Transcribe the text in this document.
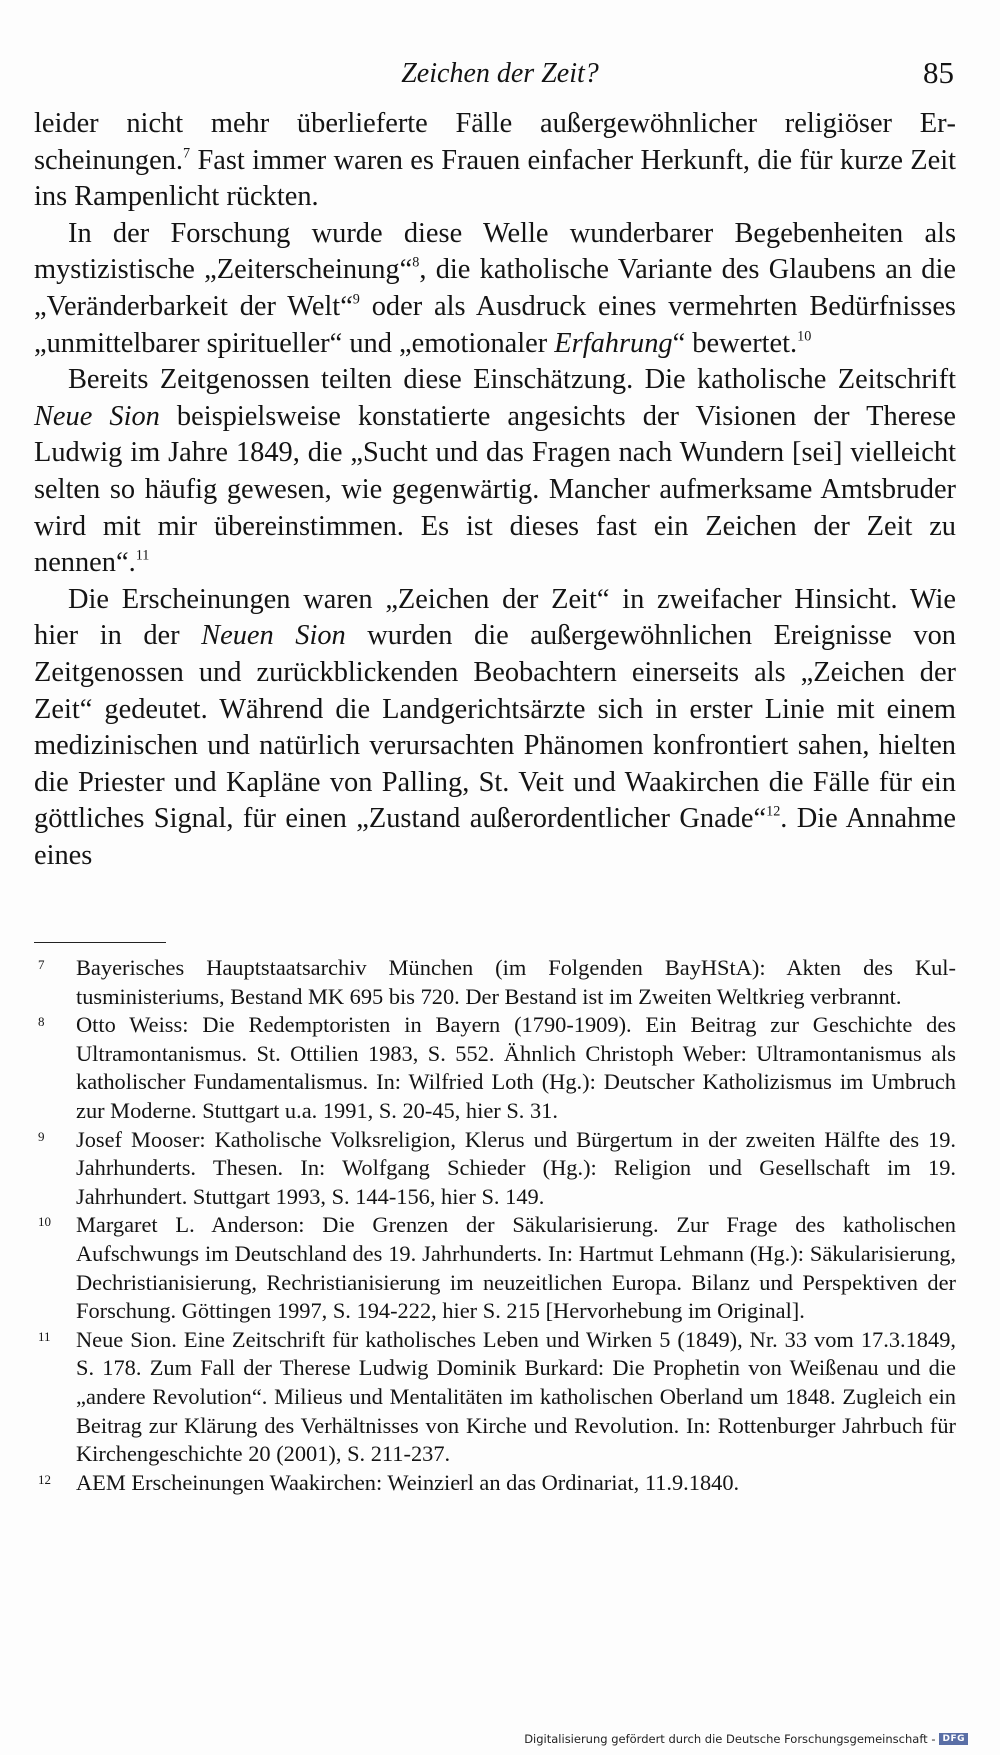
Zeichen der Zeit?	85

leider nicht mehr überlieferte Fälle außergewöhnlicher religiöser Erscheinungen.$^7$ Fast immer waren es Frauen einfacher Herkunft, die für kurze Zeit ins Rampenlicht rückten.

In der Forschung wurde diese Welle wunderbarer Begebenheiten als mystizistische „Zeiterscheinung“$^8$, die katholische Variante des Glaubens an die „Veränderbarkeit der Welt“$^9$ oder als Ausdruck eines vermehrten Bedürfnisses „unmittelbarer spiritueller“ und „emotionaler Erfahrung“ bewertet.$^{10}$

Bereits Zeitgenossen teilten diese Einschätzung. Die katholische Zeitschrift Neue Sion beispielsweise konstatierte angesichts der Visionen der Therese Ludwig im Jahre 1849, die „Sucht und das Fragen nach Wundern [sei] vielleicht selten so häufig gewesen, wie gegenwärtig. Mancher aufmerksame Amtsbruder wird mit mir übereinstimmen. Es ist dieses fast ein Zeichen der Zeit zu nennen“.$^{11}$

Die Erscheinungen waren „Zeichen der Zeit“ in zweifacher Hinsicht. Wie hier in der Neuen Sion wurden die außergewöhnlichen Ereignisse von Zeitgenossen und zurückblickenden Beobachtern einerseits als „Zeichen der Zeit“ gedeutet. Während die Landgerichtsärzte sich in erster Linie mit einem medizinischen und natürlich verursachten Phänomen konfrontiert sahen, hielten die Priester und Kapläne von Palling, St. Veit und Waakirchen die Fälle für ein göttliches Signal, für einen „Zustand außerordentlicher Gnade“$^{12}$. Die Annahme eines

7 Bayerisches Hauptstaatsarchiv München (im Folgenden BayHStA): Akten des Kultusministeriums, Bestand MK 695 bis 720. Der Bestand ist im Zweiten Weltkrieg verbrannt.
8 Otto Weiss: Die Redemptoristen in Bayern (1790-1909). Ein Beitrag zur Geschichte des Ultramontanismus. St. Ottilien 1983, S. 552. Ähnlich Christoph Weber: Ultramontanismus als katholischer Fundamentalismus. In: Wilfried Loth (Hg.): Deutscher Katholizismus im Umbruch zur Moderne. Stuttgart u.a. 1991, S. 20-45, hier S. 31.
9 Josef Mooser: Katholische Volksreligion, Klerus und Bürgertum in der zweiten Hälfte des 19. Jahrhunderts. Thesen. In: Wolfgang Schieder (Hg.): Religion und Gesellschaft im 19. Jahrhundert. Stuttgart 1993, S. 144-156, hier S. 149.
10 Margaret L. Anderson: Die Grenzen der Säkularisierung. Zur Frage des katholischen Aufschwungs im Deutschland des 19. Jahrhunderts. In: Hartmut Lehmann (Hg.): Säkularisierung, Dechristianisierung, Rechristianisierung im neuzeitlichen Europa. Bilanz und Perspektiven der Forschung. Göttingen 1997, S. 194-222, hier S. 215 [Hervorhebung im Original].
11 Neue Sion. Eine Zeitschrift für katholisches Leben und Wirken 5 (1849), Nr. 33 vom 17.3.1849, S. 178. Zum Fall der Therese Ludwig Dominik Burkard: Die Prophetin von Weißenau und die „andere Revolution“. Milieus und Mentalitäten im katholischen Oberland um 1848. Zugleich ein Beitrag zur Klärung des Verhältnisses von Kirche und Revolution. In: Rottenburger Jahrbuch für Kirchengeschichte 20 (2001), S. 211-237.
12 AEM Erscheinungen Waakirchen: Weinzierl an das Ordinariat, 11.9.1840.
Digitalisierung gefördert durch die Deutsche Forschungsgemeinschaft - DFG
